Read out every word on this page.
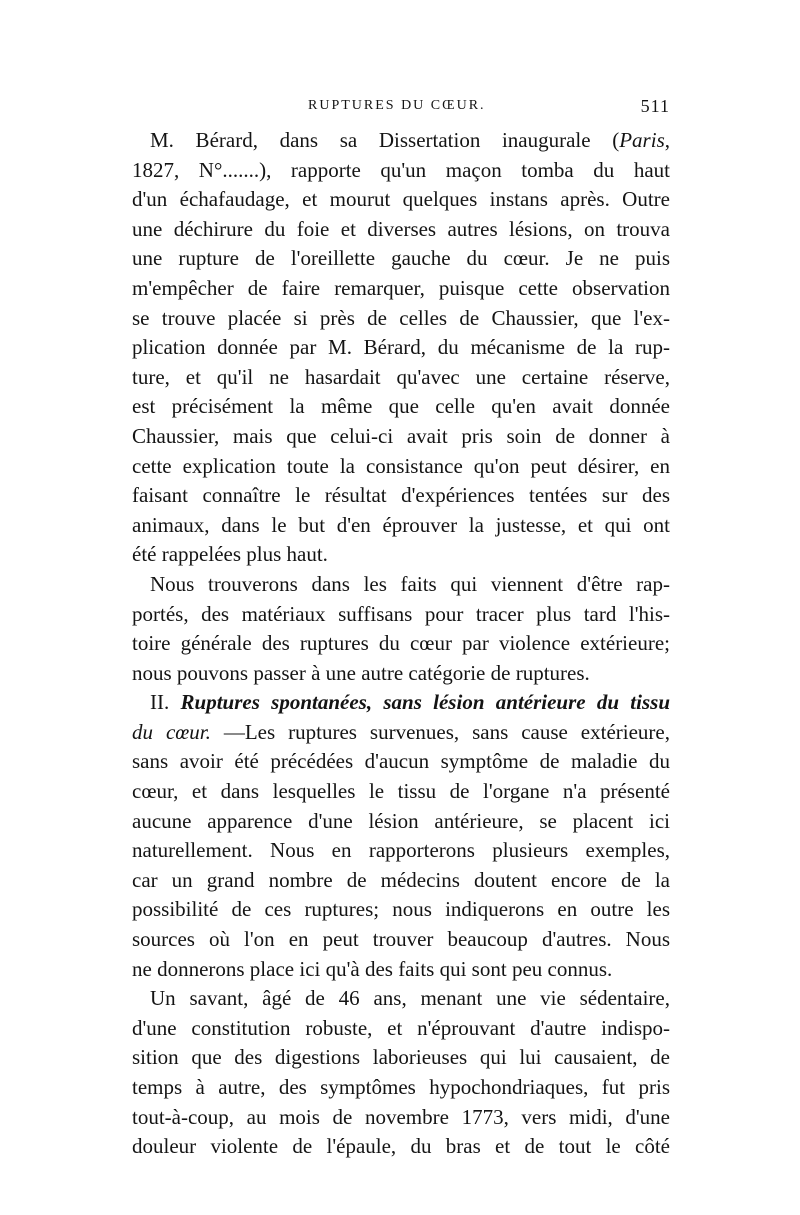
RUPTURES DU CŒUR.	511
M. Bérard, dans sa Dissertation inaugurale (Paris,
1827, N°.......), rapporte qu'un maçon tomba du haut
d'un échafaudage, et mourut quelques instans après. Outre
une déchirure du foie et diverses autres lésions, on trouva
une rupture de l'oreillette gauche du cœur. Je ne puis
m'empêcher de faire remarquer, puisque cette observation
se trouve placée si près de celles de Chaussier, que l'ex-
plication donnée par M. Bérard, du mécanisme de la rup-
ture, et qu'il ne hasardait qu'avec une certaine réserve,
est précisément la même que celle qu'en avait donnée
Chaussier, mais que celui-ci avait pris soin de donner à
cette explication toute la consistance qu'on peut désirer, en
faisant connaître le résultat d'expériences tentées sur des
animaux, dans le but d'en éprouver la justesse, et qui ont
été rappelées plus haut.
Nous trouverons dans les faits qui viennent d'être rap-
portés, des matériaux suffisans pour tracer plus tard l'his-
toire générale des ruptures du cœur par violence extérieure;
nous pouvons passer à une autre catégorie de ruptures.
II. Ruptures spontanées, sans lésion antérieure du tissu
du cœur. —Les ruptures survenues, sans cause extérieure,
sans avoir été précédées d'aucun symptôme de maladie du
cœur, et dans lesquelles le tissu de l'organe n'a présenté
aucune apparence d'une lésion antérieure, se placent ici
naturellement. Nous en rapporterons plusieurs exemples,
car un grand nombre de médecins doutent encore de la
possibilité de ces ruptures; nous indiquerons en outre les
sources où l'on en peut trouver beaucoup d'autres. Nous
ne donnerons place ici qu'à des faits qui sont peu connus.
Un savant, âgé de 46 ans, menant une vie sédentaire,
d'une constitution robuste, et n'éprouvant d'autre indispo-
sition que des digestions laborieuses qui lui causaient, de
temps à autre, des symptômes hypochondriaques, fut pris
tout-à-coup, au mois de novembre 1773, vers midi, d'une
douleur violente de l'épaule, du bras et de tout le côté
